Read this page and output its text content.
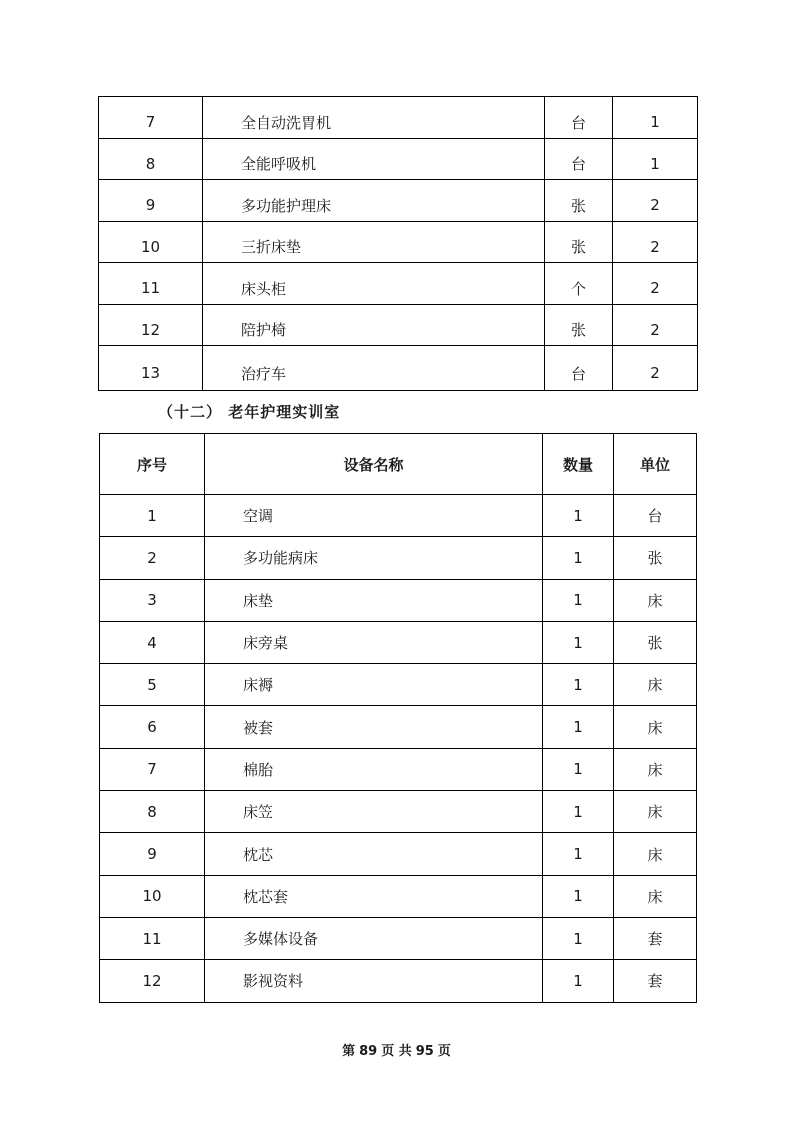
7	全自动洗胃机	台	1
8	全能呼吸机	台	1
9	多功能护理床	张	2
10	三折床垫	张	2
11	床头柜	个	2
12	陪护椅	张	2
13	治疗车	台	2
（十二） 老年护理实训室
序号	设备名称	数量	单位
1	空调	1	台
2	多功能病床	1	张
3	床垫	1	床
4	床旁桌	1	张
5	床褥	1	床
6	被套	1	床
7	棉胎	1	床
8	床笠	1	床
9	枕芯	1	床
10	枕芯套	1	床
11	多媒体设备	1	套
12	影视资料	1	套
第 89 页 共 95 页
